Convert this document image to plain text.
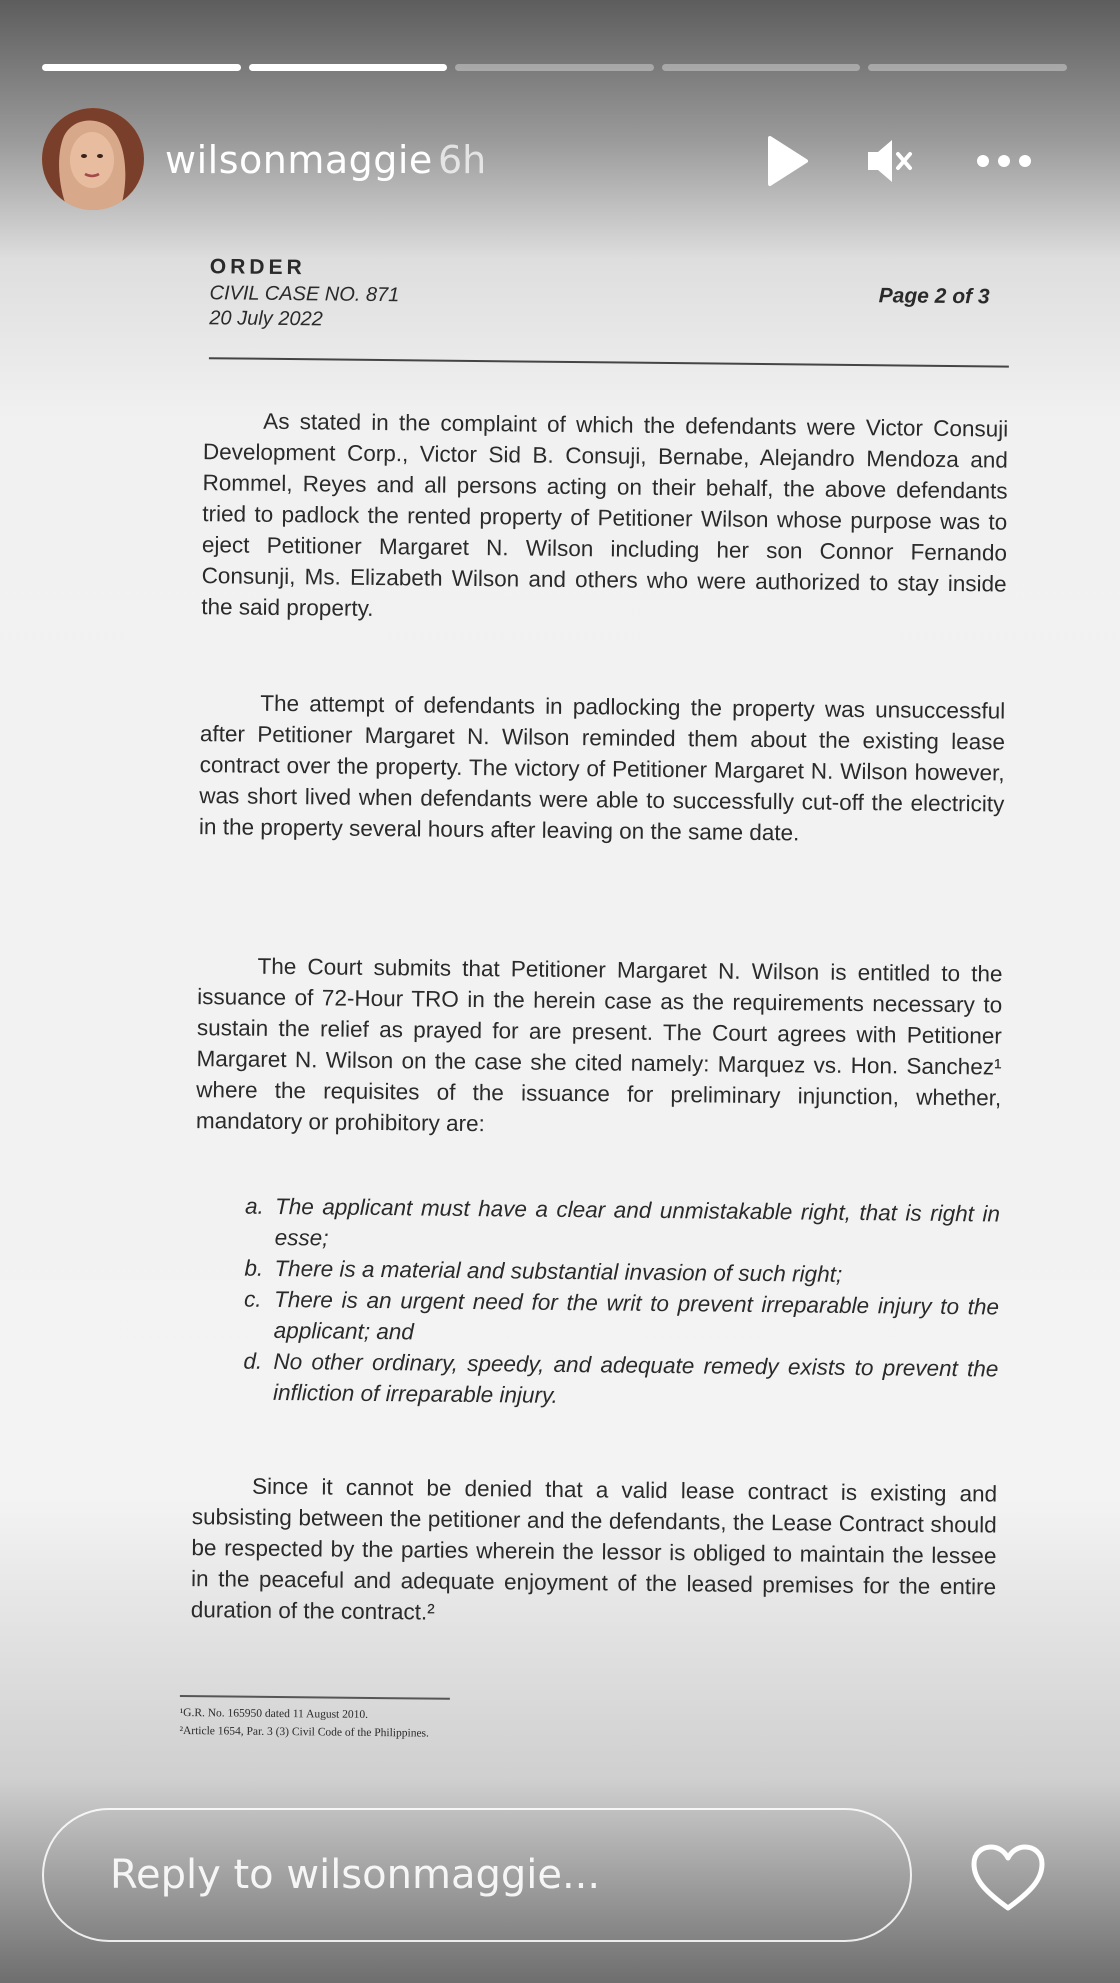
wilsonmaggie 6h
ORDER
CIVIL CASE NO. 871
20 July 2022
Page 2 of 3

As stated in the complaint of which the defendants were Victor Consuji Development Corp., Victor Sid B. Consuji, Bernabe, Alejandro Mendoza and Rommel, Reyes and all persons acting on their behalf, the above defendants tried to padlock the rented property of Petitioner Wilson whose purpose was to eject Petitioner Margaret N. Wilson including her son Connor Fernando Consunji, Ms. Elizabeth Wilson and others who were authorized to stay inside the said property.

The attempt of defendants in padlocking the property was unsuccessful after Petitioner Margaret N. Wilson reminded them about the existing lease contract over the property. The victory of Petitioner Margaret N. Wilson however, was short lived when defendants were able to successfully cut-off the electricity in the property several hours after leaving on the same date.

The Court submits that Petitioner Margaret N. Wilson is entitled to the issuance of 72-Hour TRO in the herein case as the requirements necessary to sustain the relief as prayed for are present. The Court agrees with Petitioner Margaret N. Wilson on the case she cited namely: Marquez vs. Hon. Sanchez¹ where the requisites of the issuance for preliminary injunction, whether, mandatory or prohibitory are:

a. The applicant must have a clear and unmistakable right, that is right in esse;
b. There is a material and substantial invasion of such right;
c. There is an urgent need for the writ to prevent irreparable injury to the applicant; and
d. No other ordinary, speedy, and adequate remedy exists to prevent the infliction of irreparable injury.

Since it cannot be denied that a valid lease contract is existing and subsisting between the petitioner and the defendants, the Lease Contract should be respected by the parties wherein the lessor is obliged to maintain the lessee in the peaceful and adequate enjoyment of the leased premises for the entire duration of the contract.²

¹G.R. No. 165950 dated 11 August 2010.
²Article 1654, Par. 3 (3) Civil Code of the Philippines.
Reply to wilsonmaggie...
